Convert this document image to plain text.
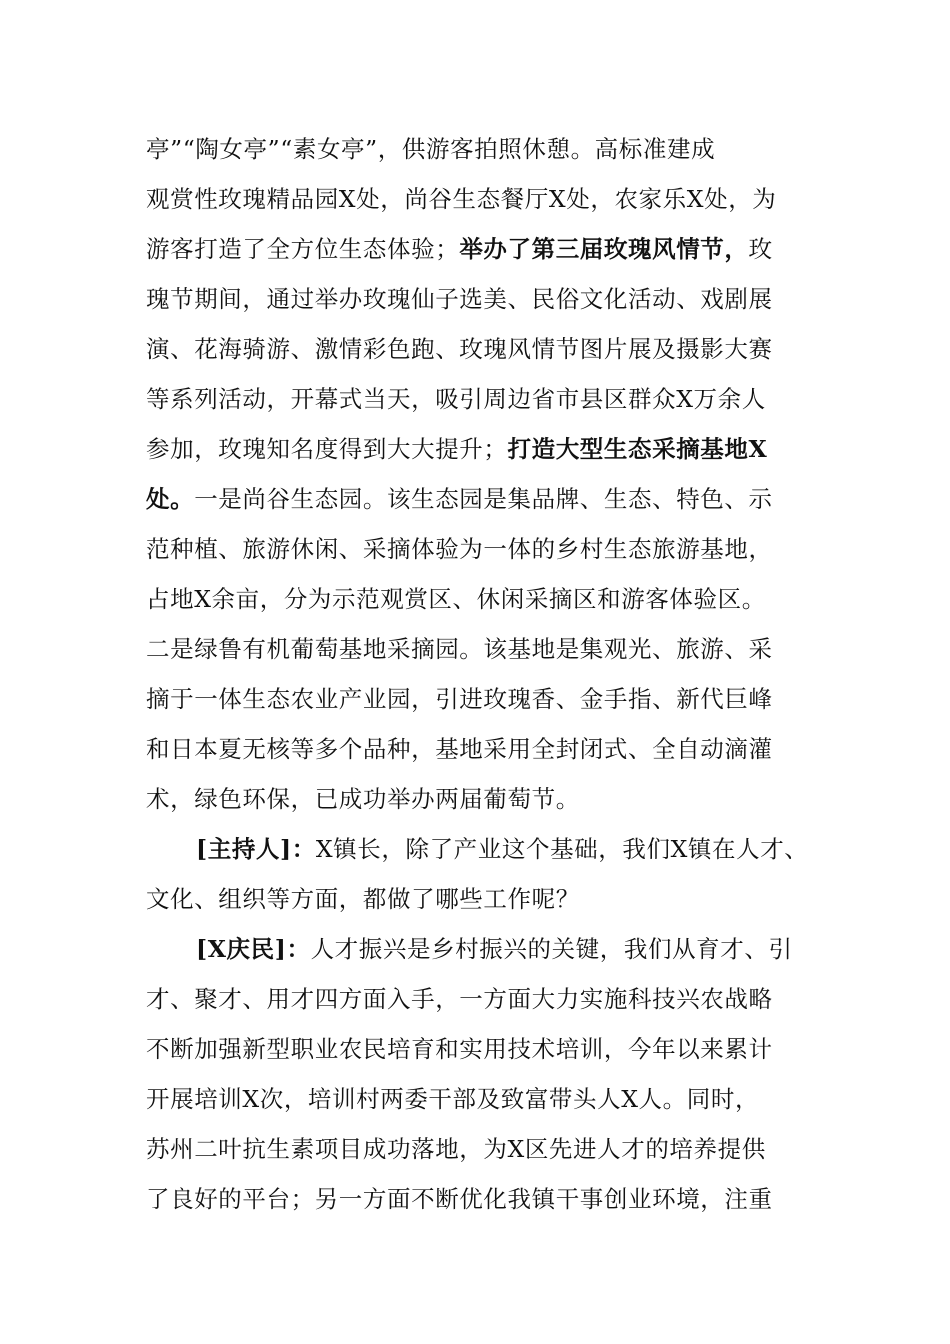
亭”“陶女亭”“素女亭”，供游客拍照休憩。高标准建成
观赏性玫瑰精品园X处，尚谷生态餐厅X处，农家乐X处，为
游客打造了全方位生态体验；举办了第三届玫瑰风情节，玫
瑰节期间，通过举办玫瑰仙子选美、民俗文化活动、戏剧展
演、花海骑游、激情彩色跑、玫瑰风情节图片展及摄影大赛
等系列活动，开幕式当天，吸引周边省市县区群众X万余人
参加，玫瑰知名度得到大大提升；打造大型生态采摘基地X
处。一是尚谷生态园。该生态园是集品牌、生态、特色、示
范种植、旅游休闲、采摘体验为一体的乡村生态旅游基地，
占地X余亩，分为示范观赏区、休闲采摘区和游客体验区。
二是绿鲁有机葡萄基地采摘园。该基地是集观光、旅游、采
摘于一体生态农业产业园，引进玫瑰香、金手指、新代巨峰
和日本夏无核等多个品种，基地采用全封闭式、全自动滴灌
术，绿色环保，已成功举办两届葡萄节。
[主持人]：X镇长，除了产业这个基础，我们X镇在人才、
文化、组织等方面，都做了哪些工作呢？
[X庆民]：人才振兴是乡村振兴的关键，我们从育才、引
才、聚才、用才四方面入手，一方面大力实施科技兴农战略
不断加强新型职业农民培育和实用技术培训，今年以来累计
开展培训X次，培训村两委干部及致富带头人X人。同时，
苏州二叶抗生素项目成功落地，为X区先进人才的培养提供
了良好的平台；另一方面不断优化我镇干事创业环境，注重
